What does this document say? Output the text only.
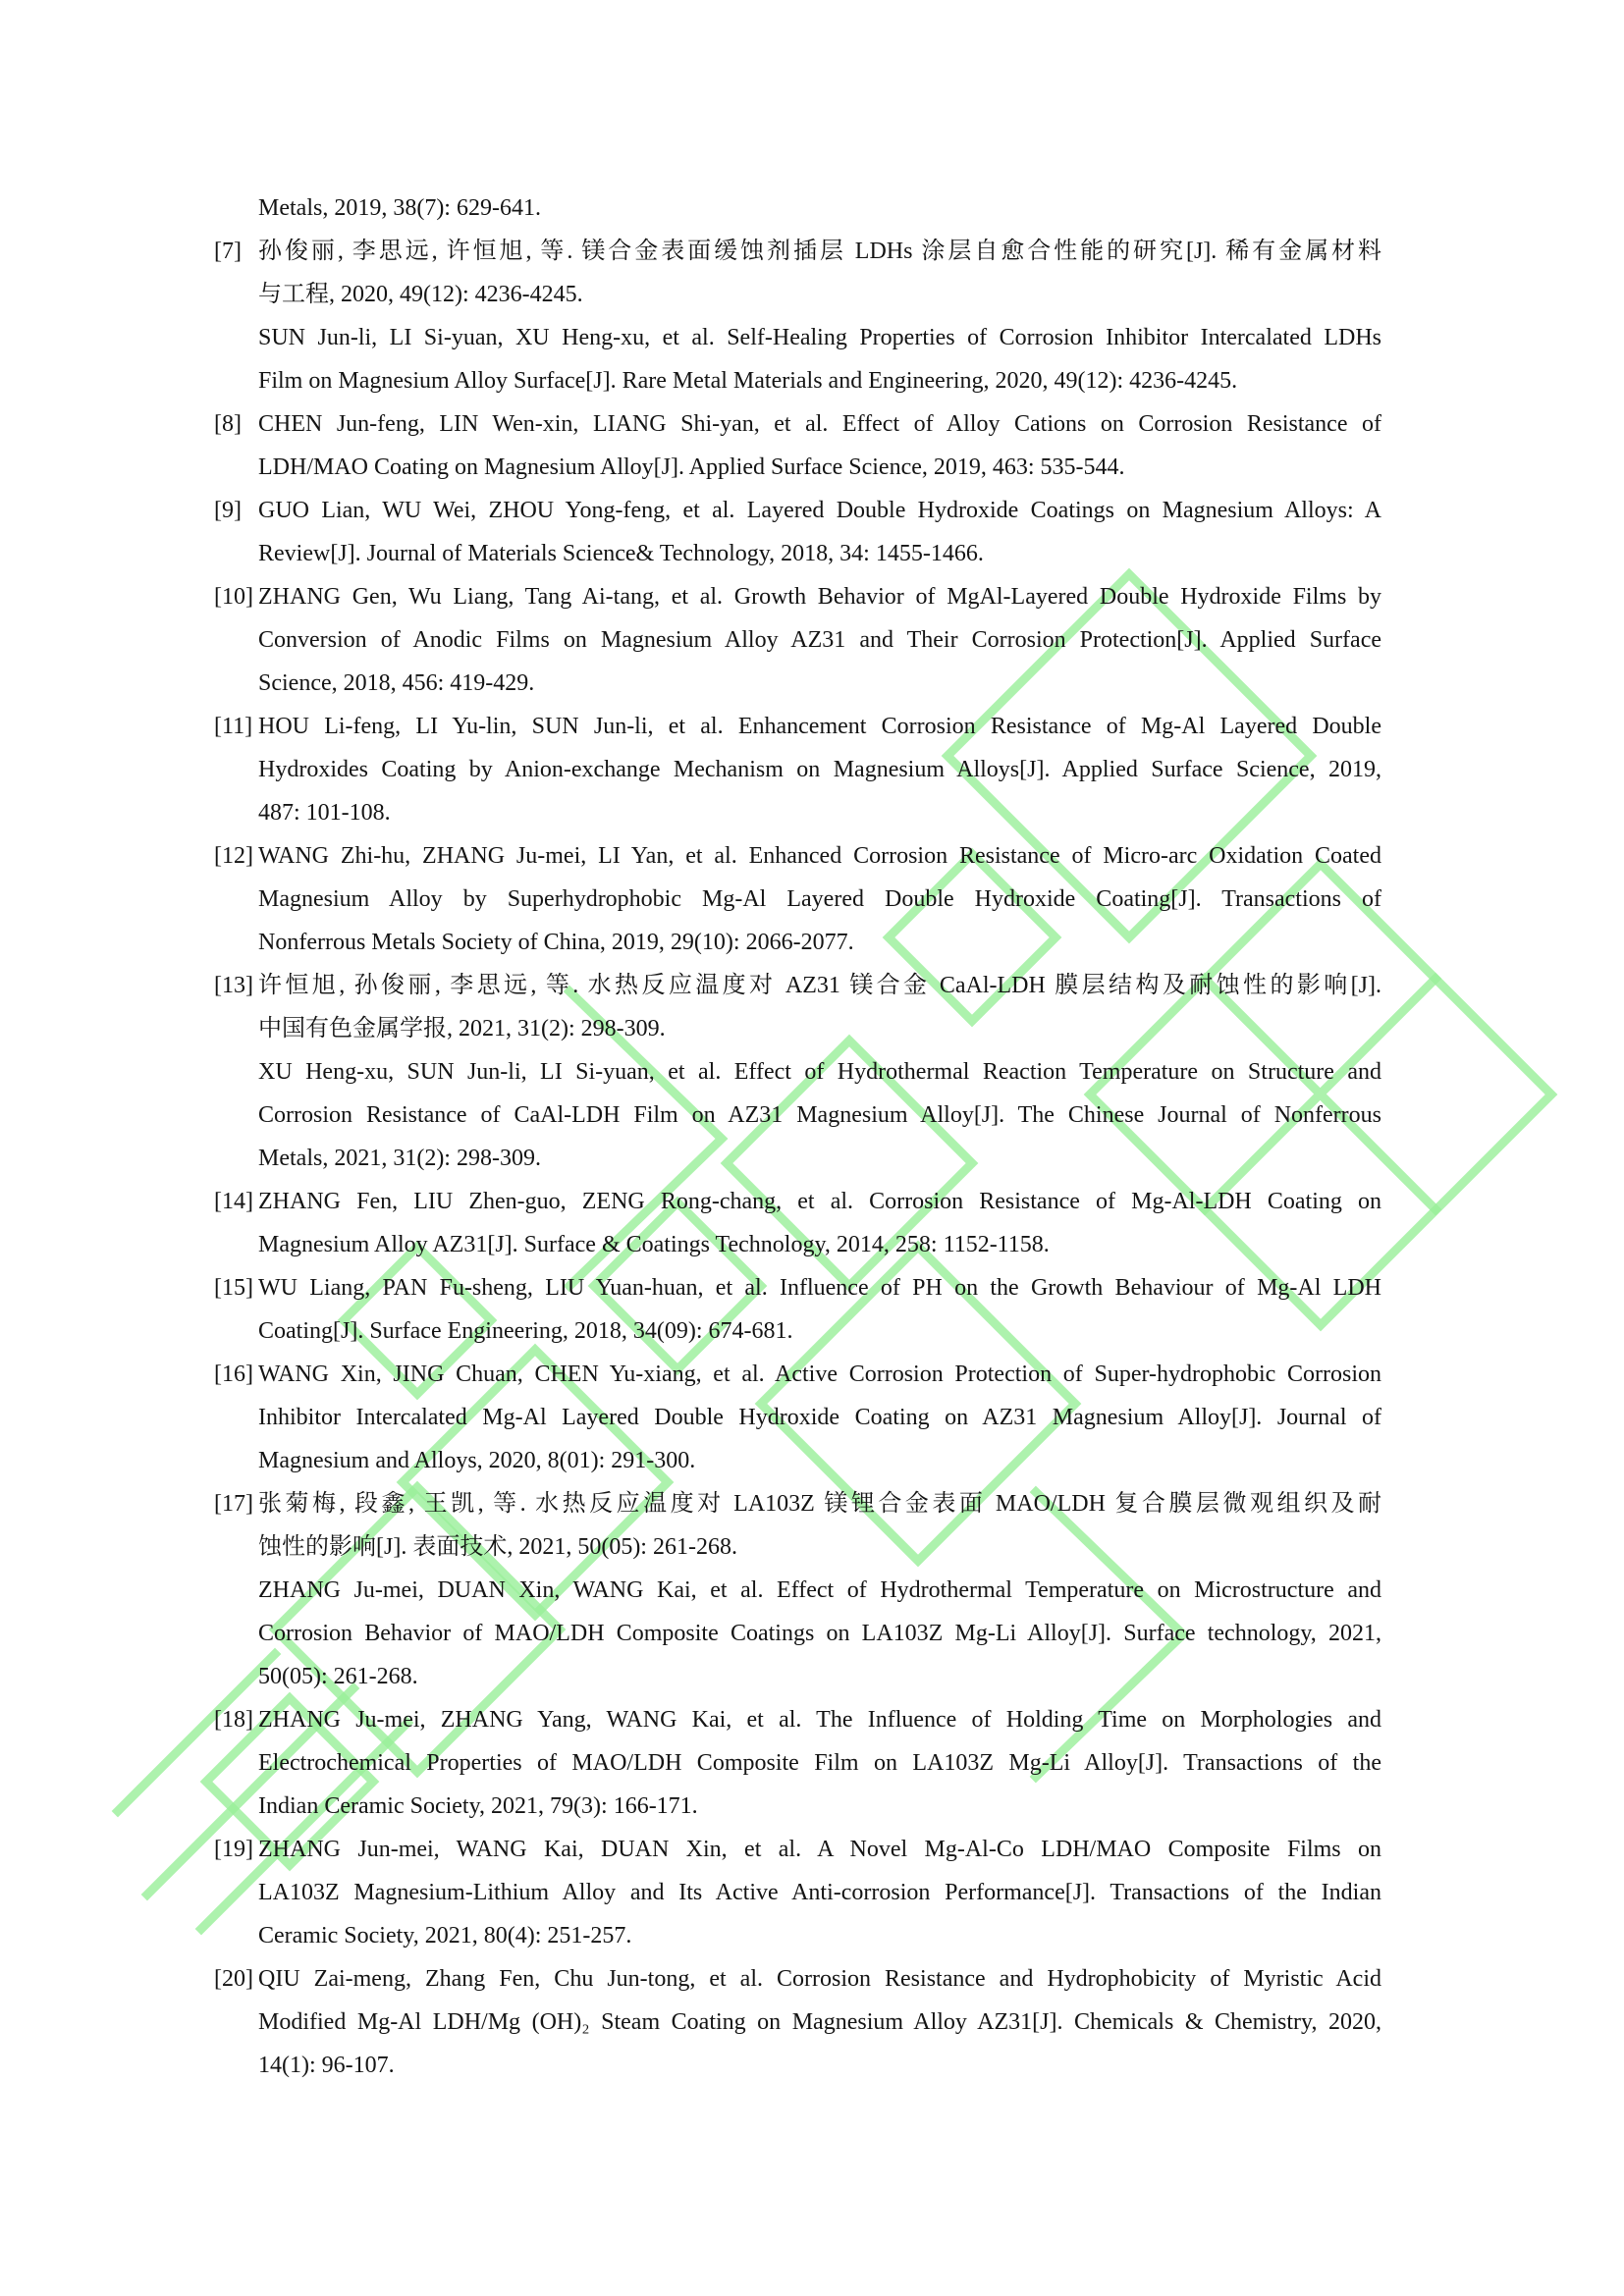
Metals, 2019, 38(7): 629-641.
[7] 孙俊丽, 李思远, 许恒旭, 等. 镁合金表面缓蚀剂插层 LDHs 涂层自愈合性能的研究[J]. 稀有金属材料
与工程, 2020, 49(12): 4236-4245.
SUN Jun-li, LI Si-yuan, XU Heng-xu, et al. Self-Healing Properties of Corrosion Inhibitor Intercalated LDHs
Film on Magnesium Alloy Surface[J]. Rare Metal Materials and Engineering, 2020, 49(12): 4236-4245.
[8] CHEN Jun-feng, LIN Wen-xin, LIANG Shi-yan, et al. Effect of Alloy Cations on Corrosion Resistance of
LDH/MAO Coating on Magnesium Alloy[J]. Applied Surface Science, 2019, 463: 535-544.
[9] GUO Lian, WU Wei, ZHOU Yong-feng, et al. Layered Double Hydroxide Coatings on Magnesium Alloys: A
Review[J]. Journal of Materials Science& Technology, 2018, 34: 1455-1466.
[10] ZHANG Gen, Wu Liang, Tang Ai-tang, et al. Growth Behavior of MgAl-Layered Double Hydroxide Films by
Conversion of Anodic Films on Magnesium Alloy AZ31 and Their Corrosion Protection[J]. Applied Surface
Science, 2018, 456: 419-429.
[11] HOU Li-feng, LI Yu-lin, SUN Jun-li, et al. Enhancement Corrosion Resistance of Mg-Al Layered Double
Hydroxides Coating by Anion-exchange Mechanism on Magnesium Alloys[J]. Applied Surface Science, 2019,
487: 101-108.
[12] WANG Zhi-hu, ZHANG Ju-mei, LI Yan, et al. Enhanced Corrosion Resistance of Micro-arc Oxidation Coated
Magnesium Alloy by Superhydrophobic Mg-Al Layered Double Hydroxide Coating[J]. Transactions of
Nonferrous Metals Society of China, 2019, 29(10): 2066-2077.
[13] 许恒旭, 孙俊丽, 李思远, 等. 水热反应温度对 AZ31 镁合金 CaAl-LDH 膜层结构及耐蚀性的影响[J].
中国有色金属学报, 2021, 31(2): 298-309.
XU Heng-xu, SUN Jun-li, LI Si-yuan, et al. Effect of Hydrothermal Reaction Temperature on Structure and
Corrosion Resistance of CaAl-LDH Film on AZ31 Magnesium Alloy[J]. The Chinese Journal of Nonferrous
Metals, 2021, 31(2): 298-309.
[14] ZHANG Fen, LIU Zhen-guo, ZENG Rong-chang, et al. Corrosion Resistance of Mg-Al-LDH Coating on
Magnesium Alloy AZ31[J]. Surface & Coatings Technology, 2014, 258: 1152-1158.
[15] WU Liang, PAN Fu-sheng, LIU Yuan-huan, et al. Influence of PH on the Growth Behaviour of Mg-Al LDH
Coating[J]. Surface Engineering, 2018, 34(09): 674-681.
[16] WANG Xin, JING Chuan, CHEN Yu-xiang, et al. Active Corrosion Protection of Super-hydrophobic Corrosion
Inhibitor Intercalated Mg-Al Layered Double Hydroxide Coating on AZ31 Magnesium Alloy[J]. Journal of
Magnesium and Alloys, 2020, 8(01): 291-300.
[17] 张菊梅, 段鑫, 王凯, 等. 水热反应温度对 LA103Z 镁锂合金表面 MAO/LDH 复合膜层微观组织及耐
蚀性的影响[J]. 表面技术, 2021, 50(05): 261-268.
ZHANG Ju-mei, DUAN Xin, WANG Kai, et al. Effect of Hydrothermal Temperature on Microstructure and
Corrosion Behavior of MAO/LDH Composite Coatings on LA103Z Mg-Li Alloy[J]. Surface technology, 2021,
50(05): 261-268.
[18] ZHANG Ju-mei, ZHANG Yang, WANG Kai, et al. The Influence of Holding Time on Morphologies and
Electrochemical Properties of MAO/LDH Composite Film on LA103Z Mg-Li Alloy[J]. Transactions of the
Indian Ceramic Society, 2021, 79(3): 166-171.
[19] ZHANG Jun-mei, WANG Kai, DUAN Xin, et al. A Novel Mg-Al-Co LDH/MAO Composite Films on
LA103Z Magnesium-Lithium Alloy and Its Active Anti-corrosion Performance[J]. Transactions of the Indian
Ceramic Society, 2021, 80(4): 251-257.
[20] QIU Zai-meng, Zhang Fen, Chu Jun-tong, et al. Corrosion Resistance and Hydrophobicity of Myristic Acid
Modified Mg-Al LDH/Mg (OH)₂ Steam Coating on Magnesium Alloy AZ31[J]. Chemicals & Chemistry, 2020,
14(1): 96-107.
